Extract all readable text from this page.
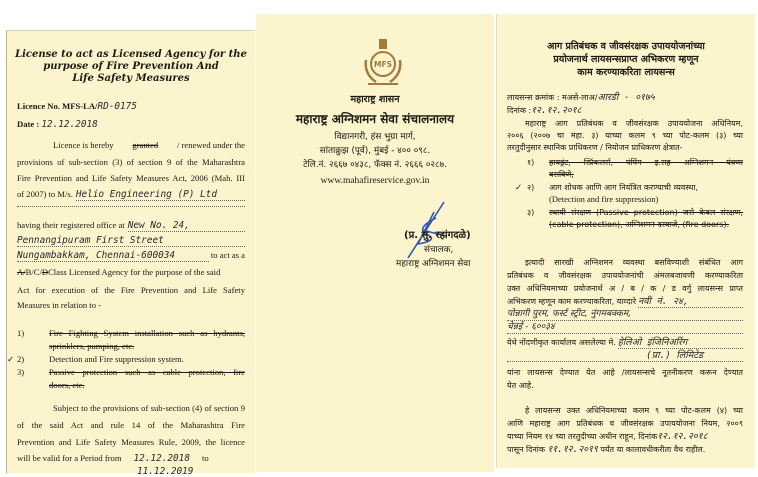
License to act as Licensed Agency for the
purpose of Fire Prevention And
Life Safety Measures
Licence No. MFS-LA/RD-0175
Date : 12.12.2018
Licence is hereby granted / renewed under the
provisions of sub-section (3) of section 9 of the Maharashtra
Fire Prevention and Life Safety Measures Act, 2006 (Mah. III
of 2007) to M/s. Helio Engineering (P) Ltd
having their registered office at New No. 24,
Pennangipuram First Street
Nungambakkam, Chennai-600034	to act as a
A/B/C/DClass Licensed Agency for the purpose of the said
Act for execution of the Fire Prevention and Life Safety
Measures in relation to -
1)	Fire Fighting System installation such as hydrants,
sprinklers, pumping, etc.
✓ 2)	Detection and Fire suppression system.
3)	Passive protection such as cable protection, fire
doors, etc.
Subject to the provisions of sub-section (4) of section 9
of the said Act and rule 14 of the Maharashtra Fire
Prevention and Life Safety Measures Rule, 2009, the licence
will be valid for a Period from 12.12.2018 to
11.12.2019
MFS
महाराष्ट्र शासन
महाराष्ट्र अग्निशमन सेवा संचालनालय
विद्यानगरी, हंस भुग्रा मार्ग,
सांताक्रुझ (पूर्व), मुंबई - ४०० ०९८.
टेलि.नं. २६६७ ०४३८, फॅक्स नं. २६६६ ०२८७.
www.mahafireservice.gov.in
(प्र. सु. रहांगदळे)
संचालक,
महाराष्ट्र अग्निशमन सेवा
आग प्रतिबंधक व जीवसंरक्षक उपाययोजनांच्या
प्रयोजनार्थ लायसन्सप्राप्त अभिकरण म्हणून
काम करण्याकरिता लायसन्स
लायसन्स क्रमांक : मअसे-लाअ/आरडी - ०१७५
दिनांक :१२.१२.२०१८
महाराष्ट्र आग प्रतिबंधक व जीवसंरक्षक उपाययोजना अधिनियम,
२००६ (२००७ चा महा. ३) याच्या कलम ९ च्या पोट-कलम (३) च्या
तरतुदीनुसार स्थानिक प्राधिकरण / नियोजन प्राधिकरण क्षेत्रात-
१) हायड्रंट, स्प्रिंकलर्स, पंपिंग इ.सह अग्निशमन यंत्रणा
बसविणे,
✓ २) आग शोधक आणि आग नियंत्रित करण्याची व्यवस्था,
(Detection and fire suppression)
३) स्थायी संरक्षण (Passive protection) जसे केबल संरक्षण,
(cable protection), अग्निशमन दरवाजे, (fire doors).
इत्यादी सारखी अग्निशमन व्यवस्था बसविण्याशी संबंधित आग
प्रतिबंधक व जीवसंरक्षक उपाययोजनांची अंमलबजावणी करण्याकरिता
उक्त अधिनियमाच्या प्रयोजनार्थ अ / ब / क / ड वर्गु लायसन्स प्राप्त
अभिकरण म्हणून काम करण्याकरिता, याव्दारे नवी नं. २४,
पोन्नागी पुरम, फर्स्ट स्ट्रीट, नुंगमबक्कम,
चेन्नई - ६००३४
येथे नोंदणीकृत कार्यालय असलेल्या मे. हेलिओ इंजिनिअरिंग
(प्रा.) लिमिटेड
यांना लायसन्स देण्यात येत आहे /लायसन्सचे नूतनीकरण करून देण्यात
येत आहे.
हे लायसन्स उक्त अधिनियमाच्या कलम ९ च्या पोट-कलम (४) च्या
आणि महाराष्ट्र आग प्रतिबंधक व जीवसंरक्षक उपाययोजना नियम, २००९
याच्या नियम १४ च्या तरतुदीच्या अधीन राहून, दिनांक१२.१२.२०१८
पासून दिनांक ११.१२.२०१९ पर्यंत या कालावधीकरीता वैध राहील.
